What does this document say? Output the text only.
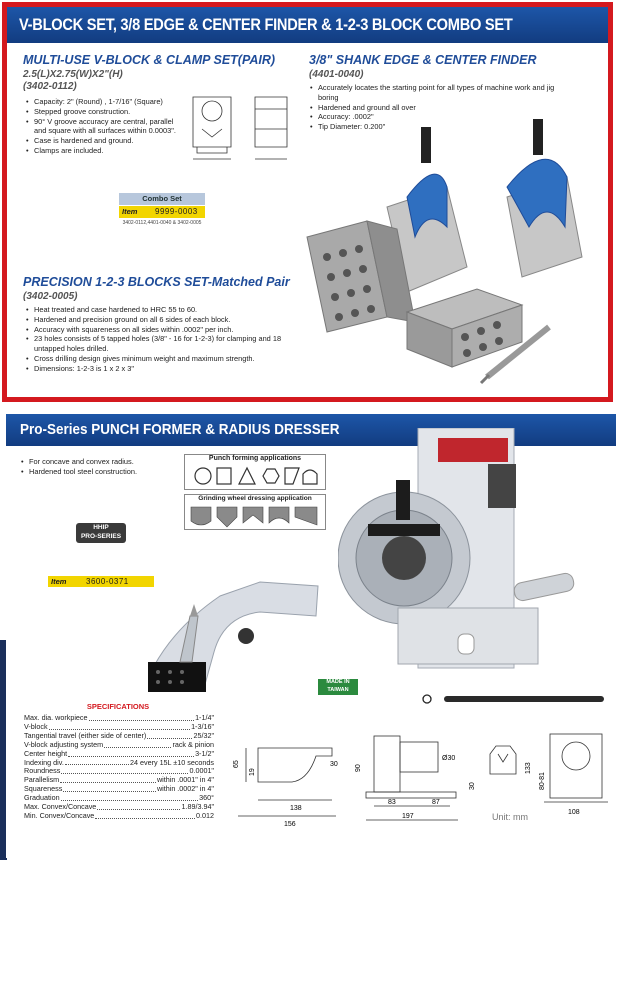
V-BLOCK SET, 3/8 EDGE & CENTER FINDER & 1-2-3 BLOCK COMBO SET
MULTI-USE V-BLOCK & CLAMP SET(PAIR)
2.5(L)X2.75(W)X2"(H)
(3402-0112)
• Capacity: 2" (Round) , 1-7/16" (Square)
• Stepped groove construction.
• 90° V groove accuracy are central, parallel and square with all surfaces within 0.0003".
• Case is hardened and ground.
• Clamps are included.
3/8" SHANK EDGE & CENTER FINDER
(4401-0040)
• Accurately locates the starting point for all types of machine work and jig boring
• Hardened and ground all over
• Accuracy: .0002"
• Tip Diameter: 0.200"
Combo Set
Item 9999-0003
3402-0112,4401-0040 & 3402-0005
PRECISION 1-2-3 BLOCKS SET-Matched Pair
(3402-0005)
• Heat treated and case hardened to HRC 55 to 60.
• Hardened and precision ground on all 6 sides of each block.
• Accuracy with squareness on all sides within .0002" per inch.
• 23 holes consists of 5 tapped holes (3/8" - 16 for 1-2-3) for clamping and 18 untapped holes drilled.
• Cross drilling design gives minimum weight and maximum strength.
• Dimensions: 1-2-3 is 1 x 2 x 3"
Pro-Series PUNCH FORMER & RADIUS DRESSER
• For concave and convex radius.
• Hardened tool steel construction.
Punch forming applications
Grinding wheel dressing application
HHIP
PRO-SERIES
Item 3600-0371
MADE IN
TAIWAN
SPECIFICATIONS
Max. dia. workpiece	1-1/4"
V-block	1-3/16"
Tangential travel (either side of center)	25/32"
V-block adjusting system	rack & pinion
Center height	3-1/2"
Indexing div.	24 every 15L ±10 seconds
Roundness	0.0001"
Parallelism	within .0001" in 4"
Squareness	within .0002" in 4"
Graduation	360°
Max. Convex/Concave	1.89/3.94"
Min. Convex/Concave	0.012
65
19
30
138
156
90
Ø30
83	87
197
30
133
80-81
108
Unit: mm
